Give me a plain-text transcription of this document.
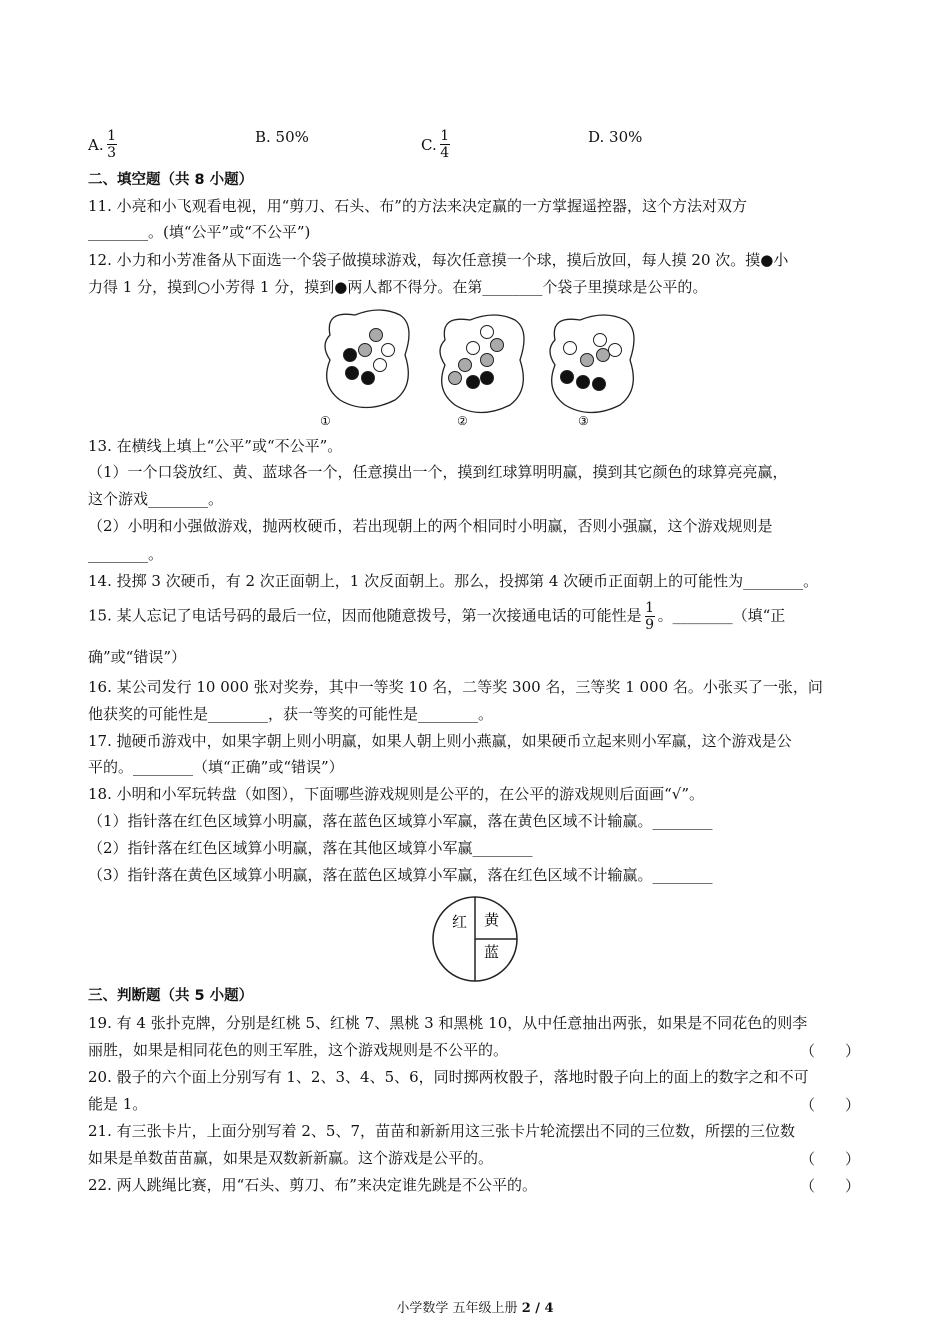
A. $\frac{1}{3}$	B. 50%	C. $\frac{1}{4}$	D. 30%
二、填空题（共 8 小题）
11. 小亮和小飞观看电视，用“剪刀、石头、布”的方法来决定赢的一方掌握遥控器，这个方法对双方
________。(填“公平”或“不公平”)
12. 小力和小芳准备从下面选一个袋子做摸球游戏，每次任意摸一个球，摸后放回，每人摸 20 次。摸●小
力得 1 分，摸到○小芳得 1 分，摸到●两人都不得分。在第________个袋子里摸球是公平的。
①	②	③
13. 在横线上填上“公平”或“不公平”。
（1）一个口袋放红、黄、蓝球各一个，任意摸出一个，摸到红球算明明赢，摸到其它颜色的球算亮亮赢，
这个游戏________。
（2）小明和小强做游戏，抛两枚硬币，若出现朝上的两个相同时小明赢，否则小强赢，这个游戏规则是
________。
14. 投掷 3 次硬币，有 2 次正面朝上，1 次反面朝上。那么，投掷第 4 次硬币正面朝上的可能性为________。
15. 某人忘记了电话号码的最后一位，因而他随意拨号，第一次接通电话的可能性是 $\frac{1}{9}$ 。________（填“正
确”或“错误”）
16. 某公司发行 10 000 张对奖券，其中一等奖 10 名，二等奖 300 名，三等奖 1 000 名。小张买了一张，问
他获奖的可能性是________，获一等奖的可能性是________。
17. 抛硬币游戏中，如果字朝上则小明赢，如果人朝上则小燕赢，如果硬币立起来则小军赢，这个游戏是公
平的。________（填“正确”或“错误”）
18. 小明和小军玩转盘（如图），下面哪些游戏规则是公平的，在公平的游戏规则后面画“√”。
（1）指针落在红色区域算小明赢，落在蓝色区域算小军赢，落在黄色区域不计输赢。________
（2）指针落在红色区域算小明赢，落在其他区域算小军赢________
（3）指针落在黄色区域算小明赢，落在蓝色区域算小军赢，落在红色区域不计输赢。________
红 黄
蓝
三、判断题（共 5 小题）
19. 有 4 张扑克牌，分别是红桃 5、红桃 7、黑桃 3 和黑桃 10，从中任意抽出两张，如果是不同花色的则李
丽胜，如果是相同花色的则王军胜，这个游戏规则是不公平的。	（　　）
20. 骰子的六个面上分别写有 1、2、3、4、5、6，同时掷两枚骰子，落地时骰子向上的面上的数字之和不可
能是 1。	（　　）
21. 有三张卡片，上面分别写着 2、5、7，苗苗和新新用这三张卡片轮流摆出不同的三位数，所摆的三位数
如果是单数苗苗赢，如果是双数新新赢。这个游戏是公平的。	（　　）
22. 两人跳绳比赛，用“石头、剪刀、布”来决定谁先跳是不公平的。	（　　）
小学数学 五年级上册 2 / 4
